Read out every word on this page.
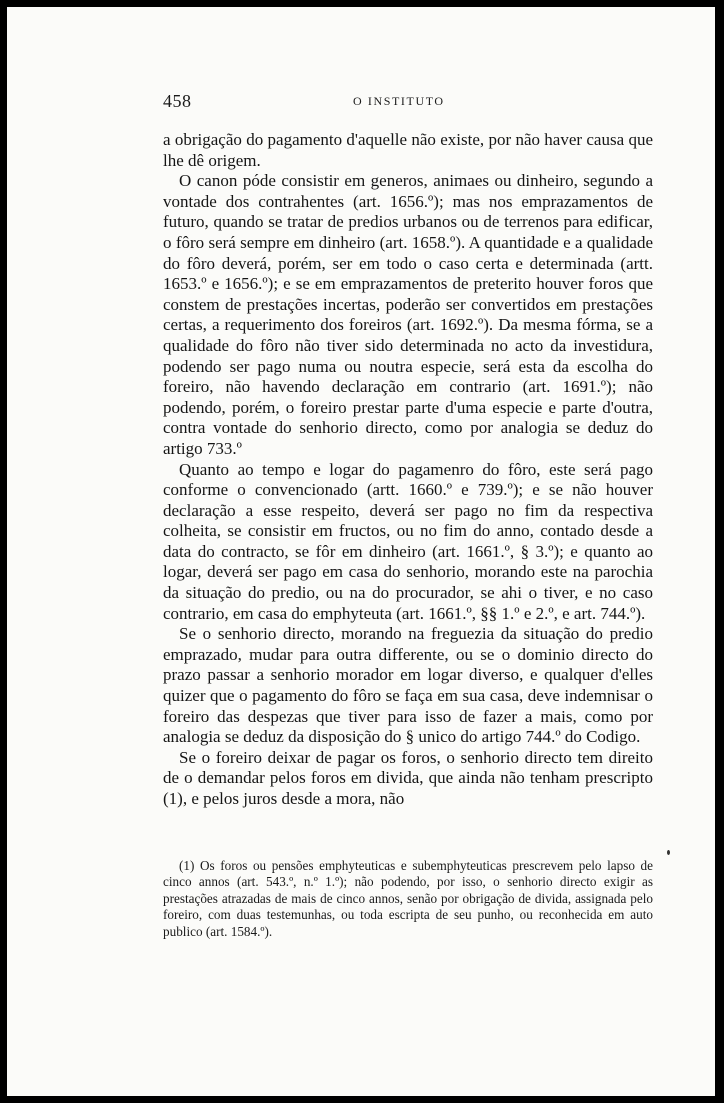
458	O INSTITUTO

a obrigação do pagamento d'aquelle não existe, por não haver causa que lhe dê origem.

O canon póde consistir em generos, animaes ou dinheiro, segundo a vontade dos contrahentes (art. 1656.º); mas nos emprazamentos de futuro, quando se tratar de predios urbanos ou de terrenos para edificar, o fôro será sempre em dinheiro (art. 1658.º). A quantidade e a qualidade do fôro deverá, porém, ser em todo o caso certa e determinada (artt. 1653.º e 1656.º); e se em emprazamentos de preterito houver foros que constem de prestações incertas, poderão ser convertidos em prestações certas, a requerimento dos foreiros (art. 1692.º). Da mesma fórma, se a qualidade do fôro não tiver sido determinada no acto da investidura, podendo ser pago numa ou noutra especie, será esta da escolha do foreiro, não havendo declaração em contrario (art. 1691.º); não podendo, porém, o foreiro prestar parte d'uma especie e parte d'outra, contra vontade do senhorio directo, como por analogia se deduz do artigo 733.º

Quanto ao tempo e logar do pagamenro do fôro, este será pago conforme o convencionado (artt. 1660.º e 739.º); e se não houver declaração a esse respeito, deverá ser pago no fim da respectiva colheita, se consistir em fructos, ou no fim do anno, contado desde a data do contracto, se fôr em dinheiro (art. 1661.º, § 3.º); e quanto ao logar, deverá ser pago em casa do senhorio, morando este na parochia da situação do predio, ou na do procurador, se ahi o tiver, e no caso contrario, em casa do emphyteuta (art. 1661.º, §§ 1.º e 2.º, e art. 744.º).

Se o senhorio directo, morando na freguezia da situação do predio emprazado, mudar para outra differente, ou se o dominio directo do prazo passar a senhorio morador em logar diverso, e qualquer d'elles quizer que o pagamento do fôro se faça em sua casa, deve indemnisar o foreiro das despezas que tiver para isso de fazer a mais, como por analogia se deduz da disposição do § unico do artigo 744.º do Codigo.

Se o foreiro deixar de pagar os foros, o senhorio directo tem direito de o demandar pelos foros em divida, que ainda não tenham prescripto (1), e pelos juros desde a mora, não

(1) Os foros ou pensões emphyteuticas e subemphyteuticas prescrevem pelo lapso de cinco annos (art. 543.º, n.º 1.º); não podendo, por isso, o senhorio directo exigir as prestações atrazadas de mais de cinco annos, senão por obrigação de divida, assignada pelo foreiro, com duas testemunhas, ou toda escripta de seu punho, ou reconhecida em auto publico (art. 1584.º).
